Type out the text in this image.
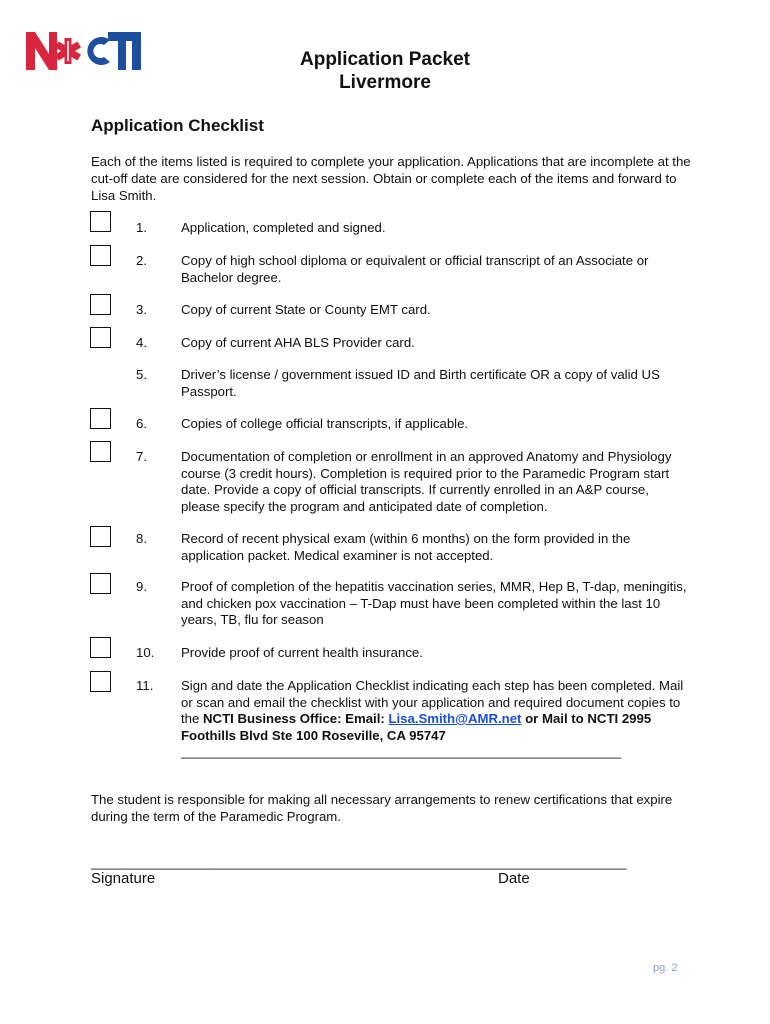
Application Packet
Livermore
Application Checklist
Each of the items listed is required to complete your application. Applications that are incomplete at the cut-off date are considered for the next session. Obtain or complete each of the items and forward to Lisa Smith.
1.	Application, completed and signed.
2.	Copy of high school diploma or equivalent or official transcript of an Associate or Bachelor degree.
3.	Copy of current State or County EMT card.
4.	Copy of current AHA BLS Provider card.
5.	Driver’s license / government issued ID and Birth certificate OR a copy of valid US Passport.
6.	Copies of college official transcripts, if applicable.
7.	Documentation of completion or enrollment in an approved Anatomy and Physiology course (3 credit hours). Completion is required prior to the Paramedic Program start date. Provide a copy of official transcripts. If currently enrolled in an A&P course, please specify the program and anticipated date of completion.
8.	Record of recent physical exam (within 6 months) on the form provided in the application packet. Medical examiner is not accepted.
9.	Proof of completion of the hepatitis vaccination series, MMR, Hep B, T-dap, meningitis, and chicken pox vaccination – T-Dap must have been completed within the last 10 years, TB, flu for season
10. Provide proof of current health insurance.
11. Sign and date the Application Checklist indicating each step has been completed. Mail or scan and email the checklist with your application and required document copies to the NCTI Business Office: Email: Lisa.Smith@AMR.net or Mail to NCTI 2995 Foothills Blvd Ste 100 Roseville, CA 95747
____________________________________________________________
The student is responsible for making all necessary arrangements to renew certifications that expire during the term of the Paramedic Program.
_________________________________________________________________________
Signature	Date
pg. 2
